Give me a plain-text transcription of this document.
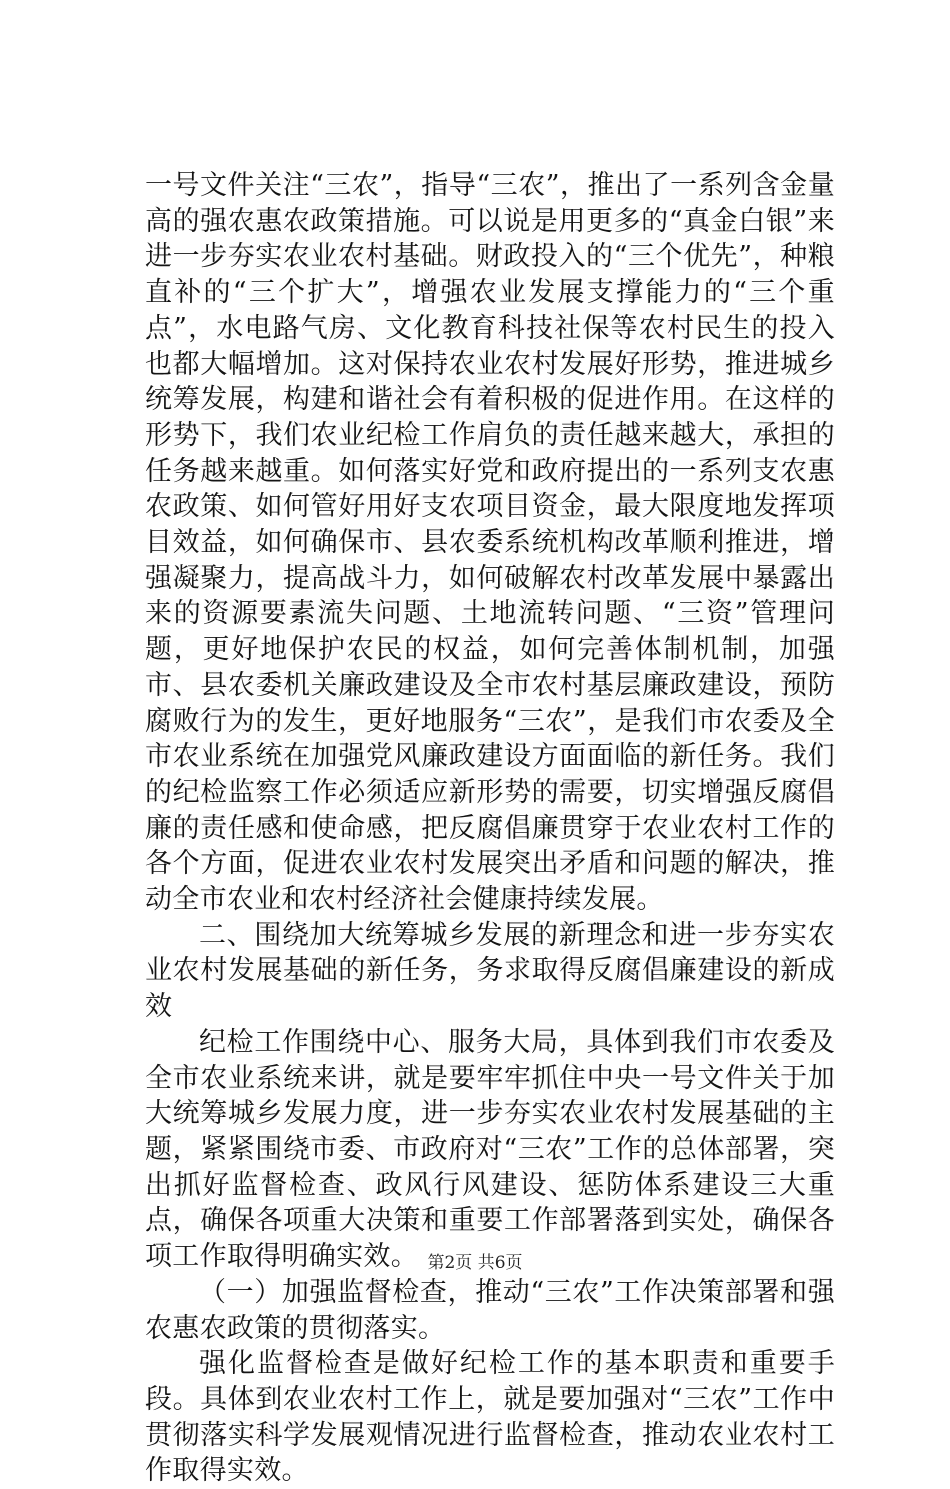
一号文件关注“三农”，指导“三农”，推出了一系列含金量高的强农惠农政策措施。可以说是用更多的“真金白银”来进一步夯实农业农村基础。财政投入的“三个优先”，种粮直补的“三个扩大”，增强农业发展支撑能力的“三个重点”，水电路气房、文化教育科技社保等农村民生的投入也都大幅增加。这对保持农业农村发展好形势，推进城乡统筹发展，构建和谐社会有着积极的促进作用。在这样的形势下，我们农业纪检工作肩负的责任越来越大，承担的任务越来越重。如何落实好党和政府提出的一系列支农惠农政策、如何管好用好支农项目资金，最大限度地发挥项目效益，如何确保市、县农委系统机构改革顺利推进，增强凝聚力，提高战斗力，如何破解农村改革发展中暴露出来的资源要素流失问题、土地流转问题、“三资”管理问题，更好地保护农民的权益，如何完善体制机制，加强市、县农委机关廉政建设及全市农村基层廉政建设，预防腐败行为的发生，更好地服务“三农”，是我们市农委及全市农业系统在加强党风廉政建设方面面临的新任务。我们的纪检监察工作必须适应新形势的需要，切实增强反腐倡廉的责任感和使命感，把反腐倡廉贯穿于农业农村工作的各个方面，促进农业农村发展突出矛盾和问题的解决，推动全市农业和农村经济社会健康持续发展。

二、围绕加大统筹城乡发展的新理念和进一步夯实农业农村发展基础的新任务，务求取得反腐倡廉建设的新成效

纪检工作围绕中心、服务大局，具体到我们市农委及全市农业系统来讲，就是要牢牢抓住中央一号文件关于加大统筹城乡发展力度，进一步夯实农业农村发展基础的主题，紧紧围绕市委、市政府对“三农”工作的总体部署，突出抓好监督检查、政风行风建设、惩防体系建设三大重点，确保各项重大决策和重要工作部署落到实处，确保各项工作取得明确实效。

（一）加强监督检查，推动“三农”工作决策部署和强农惠农政策的贯彻落实。

强化监督检查是做好纪检工作的基本职责和重要手段。具体到农业农村工作上，就是要加强对“三农”工作中贯彻落实科学发展观情况进行监督检查，推动农业农村工作取得实效。

第2页 共6页
